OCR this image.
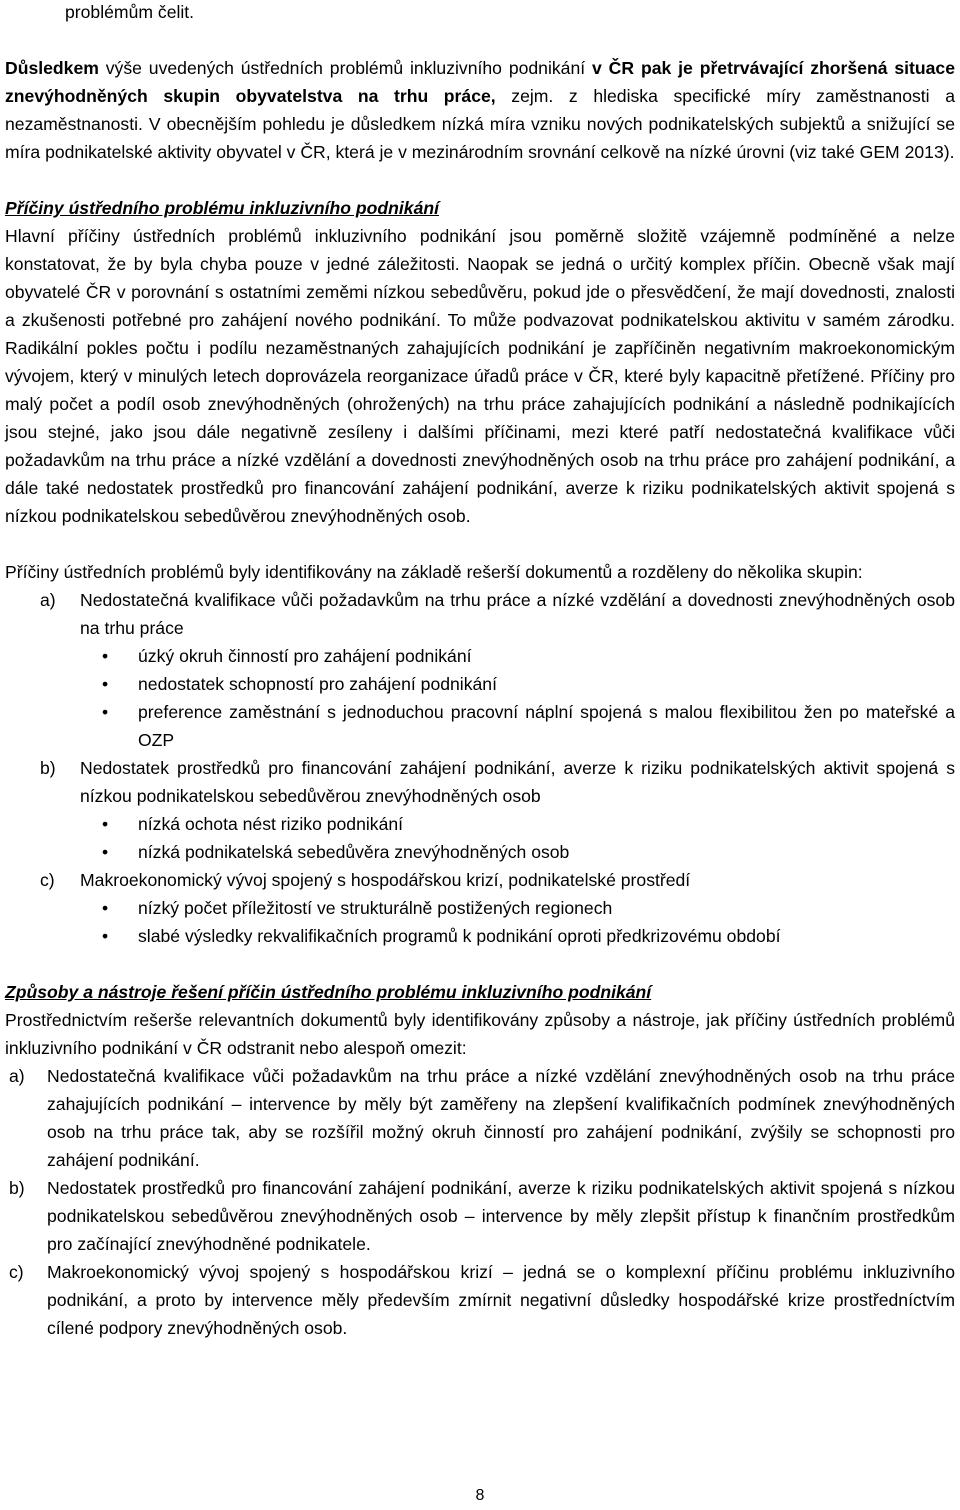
problémům čelit.

Důsledkem výše uvedených ústředních problémů inkluzivního podnikání v ČR pak je přetrvávající zhoršená situace znevýhodněných skupin obyvatelstva na trhu práce, zejm. z hlediska specifické míry zaměstnanosti a nezaměstnanosti. V obecnějším pohledu je důsledkem nízká míra vzniku nových podnikatelských subjektů a snižující se míra podnikatelské aktivity obyvatel v ČR, která je v mezinárodním srovnání celkově na nízké úrovni (viz také GEM 2013).

Příčiny ústředního problému inkluzivního podnikání

Hlavní příčiny ústředních problémů inkluzivního podnikání jsou poměrně složitě vzájemně podmíněné a nelze konstatovat, že by byla chyba pouze v jedné záležitosti. Naopak se jedná o určitý komplex příčin. Obecně však mají obyvatelé ČR v porovnání s ostatními zeměmi nízkou sebedůvěru, pokud jde o přesvědčení, že mají dovednosti, znalosti a zkušenosti potřebné pro zahájení nového podnikání. To může podvazovat podnikatelskou aktivitu v samém zárodku. Radikální pokles počtu i podílu nezaměstnaných zahajujících podnikání je zapříčiněn negativním makroekonomickým vývojem, který v minulých letech doprovázela reorganizace úřadů práce v ČR, které byly kapacitně přetížené. Příčiny pro malý počet a podíl osob znevýhodněných (ohrožených) na trhu práce zahajujících podnikání a následně podnikajících jsou stejné, jako jsou dále negativně zesíleny i dalšími příčinami, mezi které patří nedostatečná kvalifikace vůči požadavkům na trhu práce a nízké vzdělání a dovednosti znevýhodněných osob na trhu práce pro zahájení podnikání, a dále také nedostatek prostředků pro financování zahájení podnikání, averze k riziku podnikatelských aktivit spojená s nízkou podnikatelskou sebedůvěrou znevýhodněných osob.

Příčiny ústředních problémů byly identifikovány na základě rešerší dokumentů a rozděleny do několika skupin:

a) Nedostatečná kvalifikace vůči požadavkům na trhu práce a nízké vzdělání a dovednosti znevýhodněných osob na trhu práce
• úzký okruh činností pro zahájení podnikání
• nedostatek schopností pro zahájení podnikání
• preference zaměstnání s jednoduchou pracovní náplní spojená s malou flexibilitou žen po mateřské a OZP
b) Nedostatek prostředků pro financování zahájení podnikání, averze k riziku podnikatelských aktivit spojená s nízkou podnikatelskou sebedůvěrou znevýhodněných osob
• nízká ochota nést riziko podnikání
• nízká podnikatelská sebedůvěra znevýhodněných osob
c) Makroekonomický vývoj spojený s hospodářskou krizí, podnikatelské prostředí
• nízký počet příležitostí ve strukturálně postižených regionech
• slabé výsledky rekvalifikačních programů k podnikání oproti předkrizovému období

Způsoby a nástroje řešení příčin ústředního problému inkluzivního podnikání

Prostřednictvím rešerše relevantních dokumentů byly identifikovány způsoby a nástroje, jak příčiny ústředních problémů inkluzivního podnikání v ČR odstranit nebo alespoň omezit:

a) Nedostatečná kvalifikace vůči požadavkům na trhu práce a nízké vzdělání znevýhodněných osob na trhu práce zahajujících podnikání – intervence by měly být zaměřeny na zlepšení kvalifikačních podmínek znevýhodněných osob na trhu práce tak, aby se rozšířil možný okruh činností pro zahájení podnikání, zvýšily se schopnosti pro zahájení podnikání.
b) Nedostatek prostředků pro financování zahájení podnikání, averze k riziku podnikatelských aktivit spojená s nízkou podnikatelskou sebedůvěrou znevýhodněných osob – intervence by měly zlepšit přístup k finančním prostředkům pro začínající znevýhodněné podnikatele.
c) Makroekonomický vývoj spojený s hospodářskou krizí – jedná se o komplexní příčinu problému inkluzivního podnikání, a proto by intervence měly především zmírnit negativní důsledky hospodářské krize prostředníctvím cílené podpory znevýhodněných osob.
8
